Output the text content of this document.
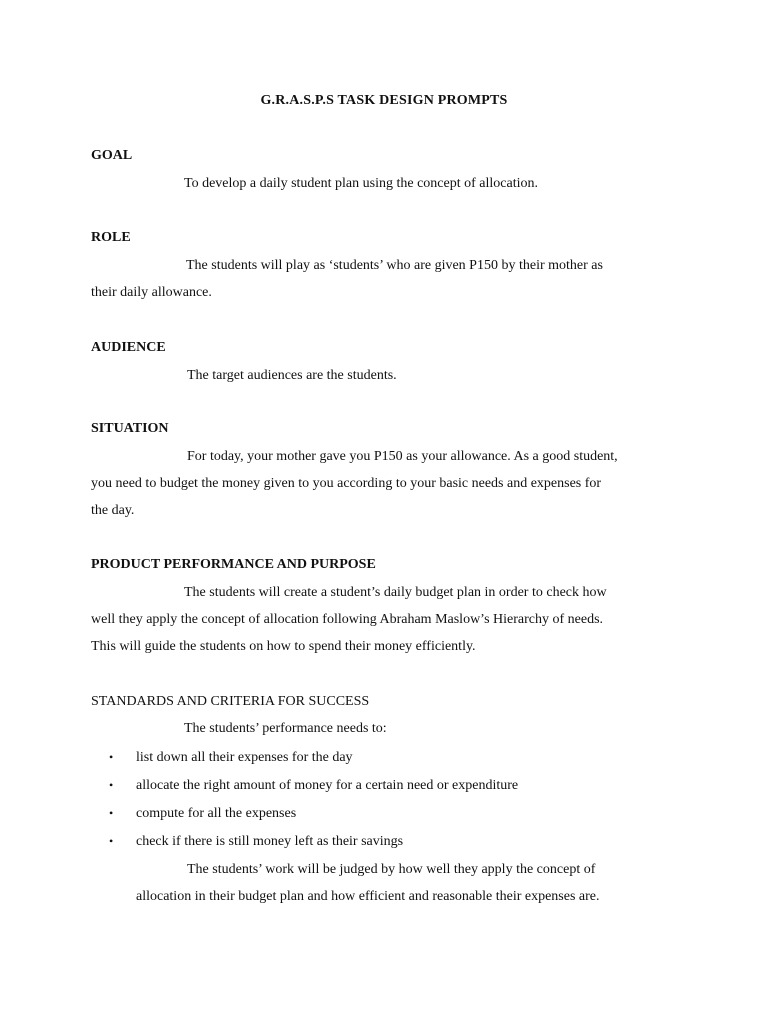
G.R.A.S.P.S TASK DESIGN PROMPTS
GOAL
To develop a daily student plan using the concept of allocation.
ROLE
The students will play as ‘students’ who are given P150 by their mother as
their daily allowance.
AUDIENCE
The target audiences are the students.
SITUATION
For today, your mother gave you P150 as your allowance. As a good student,
you need to budget the money given to you according to your basic needs and expenses for
the day.
PRODUCT PERFORMANCE AND PURPOSE
The students will create a student’s daily budget plan in order to check how
well they apply the concept of allocation following Abraham Maslow’s Hierarchy of needs.
This will guide the students on how to spend their money efficiently.
STANDARDS AND CRITERIA FOR SUCCESS
The students’ performance needs to:
• list down all their expenses for the day
• allocate the right amount of money for a certain need or expenditure
• compute for all the expenses
• check if there is still money left as their savings
The students’ work will be judged by how well they apply the concept of
allocation in their budget plan and how efficient and reasonable their expenses are.
